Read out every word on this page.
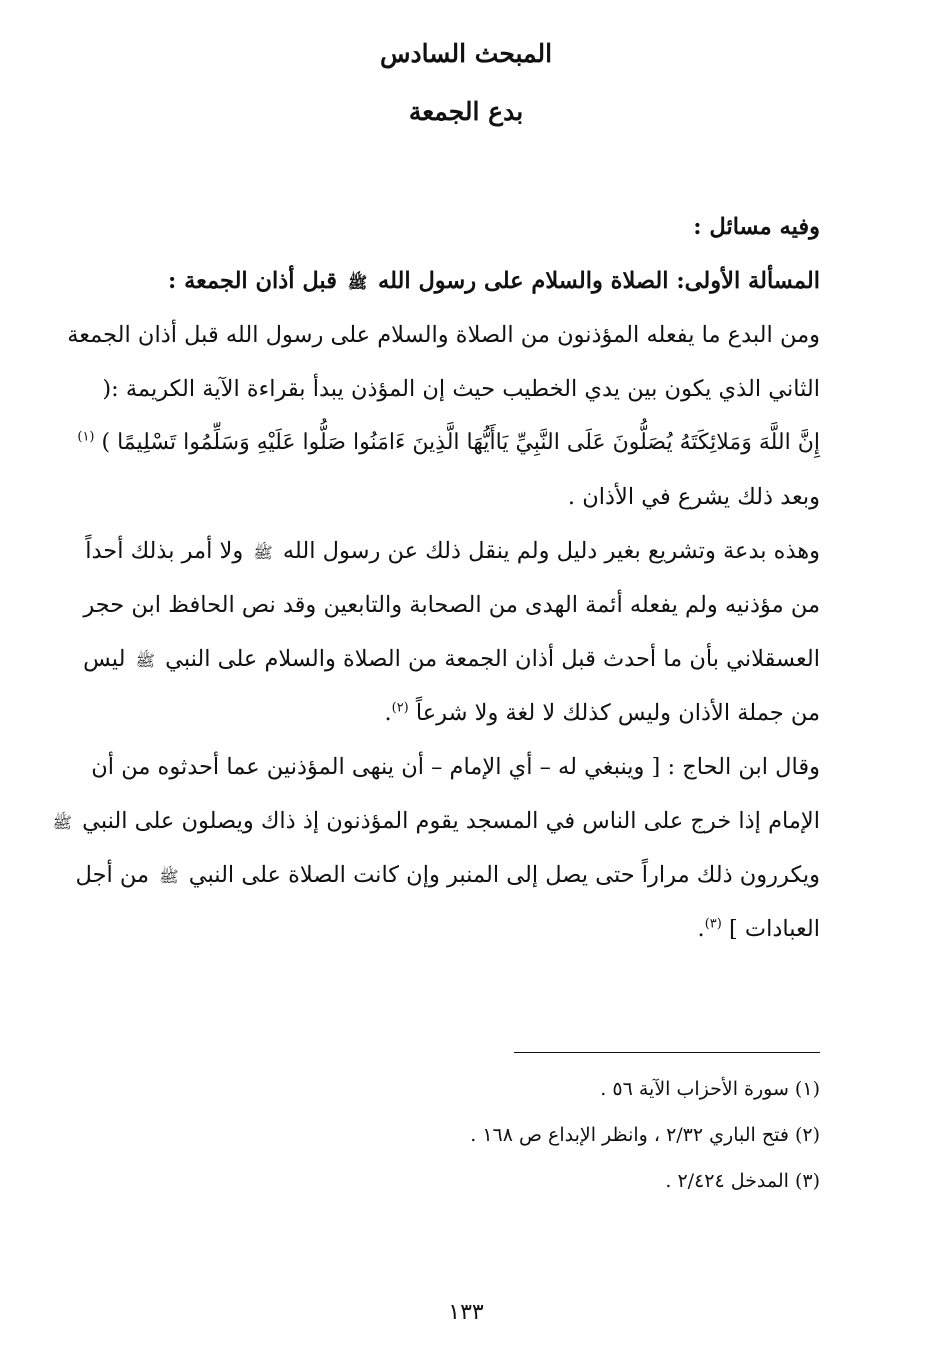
المبحث السادس
بدع الجمعة
وفيه مسائل :
المسألة الأولى: الصلاة والسلام على رسول الله ﷺ قبل أذان الجمعة :
ومن البدع ما يفعله المؤذنون من الصلاة والسلام على رسول الله قبل أذان الجمعة
الثاني الذي يكون بين يدي الخطيب حيث إن المؤذن يبدأ بقراءة الآية الكريمة :(
إِنَّ اللَّهَ وَمَلائِكَتَهُ يُصَلُّونَ عَلَى النَّبِيِّ يَاأَيُّهَا الَّذِينَ ءَامَنُوا صَلُّوا عَلَيْهِ وَسَلِّمُوا تَسْلِيمًا ) $^{(١)}$
وبعد ذلك يشرع في الأذان .
وهذه بدعة وتشريع بغير دليل ولم ينقل ذلك عن رسول الله ﷺ ولا أمر بذلك أحداً
من مؤذنيه ولم يفعله أئمة الهدى من الصحابة والتابعين وقد نص الحافظ ابن حجر
العسقلاني بأن ما أحدث قبل أذان الجمعة من الصلاة والسلام على النبي ﷺ ليس
من جملة الأذان وليس كذلك لا لغة ولا شرعاً $^{(٢)}$.
وقال ابن الحاج : [ وينبغي له – أي الإمام – أن ينهى المؤذنين عما أحدثوه من أن
الإمام إذا خرج على الناس في المسجد يقوم المؤذنون إذ ذاك ويصلون على النبي ﷺ
ويكررون ذلك مراراً حتى يصل إلى المنبر وإن كانت الصلاة على النبي ﷺ من أجل
العبادات ] $^{(٣)}$.
(١) سورة الأحزاب الآية ٥٦ .
(٢) فتح الباري ٢/٣٢ ، وانظر الإبداع ص ١٦٨ .
(٣) المدخل ٢/٤٢٤ .
١٣٣
